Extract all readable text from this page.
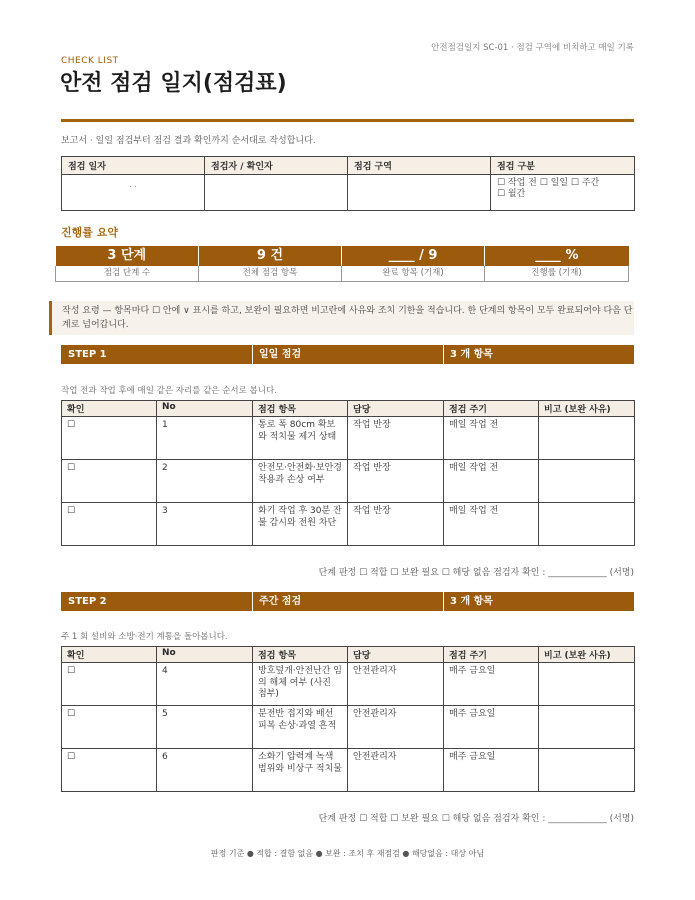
안전점검일지 SC-01 · 점검 구역에 비치하고 매일 기록
CHECK LIST
안전 점검 일지(점검표)
보고서 · 일일 점검부터 점검 결과 확인까지 순서대로 작성합니다.
점검 일자	점검자 / 확인자	점검 구역	점검 구분
. .			☐ 작업 전 ☐ 일일 ☐ 주간
☐ 월간
진행률 요약
3 단계	9 건	____ / 9	____ %
점검 단계 수	전체 점검 항목	완료 항목 (기재)	진행률 (기재)
작성 요령 — 항목마다 ☐ 안에 ∨ 표시를 하고, 보완이 필요하면 비고란에 사유와 조치 기한을 적습니다. 한 단계의 항목이 모두 완료되어야 다음 단계로 넘어갑니다.
STEP 1	일일 점검	3 개 항목
작업 전과 작업 후에 매일 같은 자리를 같은 순서로 봅니다.
확인	No	점검 항목	담당	점검 주기	비고 (보완 사유)
☐	1	통로 폭 80cm 확보와 적치물 제거 상태	작업 반장	매일 작업 전	
☐	2	안전모·안전화·보안경 착용과 손상 여부	작업 반장	매일 작업 전	
☐	3	화기 작업 후 30분 잔불 감시와 전원 차단	작업 반장	매일 작업 전	
단계 판정 ☐ 적합 ☐ 보완 필요 ☐ 해당 없음 점검자 확인 : _____________ (서명)
STEP 2	주간 점검	3 개 항목
주 1 회 설비와 소방·전기 계통을 돌아봅니다.
확인	No	점검 항목	담당	점검 주기	비고 (보완 사유)
☐	4	방호덮개·안전난간 임의 해체 여부 (사진 첨부)	안전관리자	매주 금요일	
☐	5	분전반 접지와 배선 피복 손상·과열 흔적	안전관리자	매주 금요일	
☐	6	소화기 압력계 녹색 범위와 비상구 적치물	안전관리자	매주 금요일	
단계 판정 ☐ 적합 ☐ 보완 필요 ☐ 해당 없음 점검자 확인 : _____________ (서명)
판정 기준 ● 적합 : 결함 없음 ● 보완 : 조치 후 재점검 ● 해당없음 : 대상 아님
